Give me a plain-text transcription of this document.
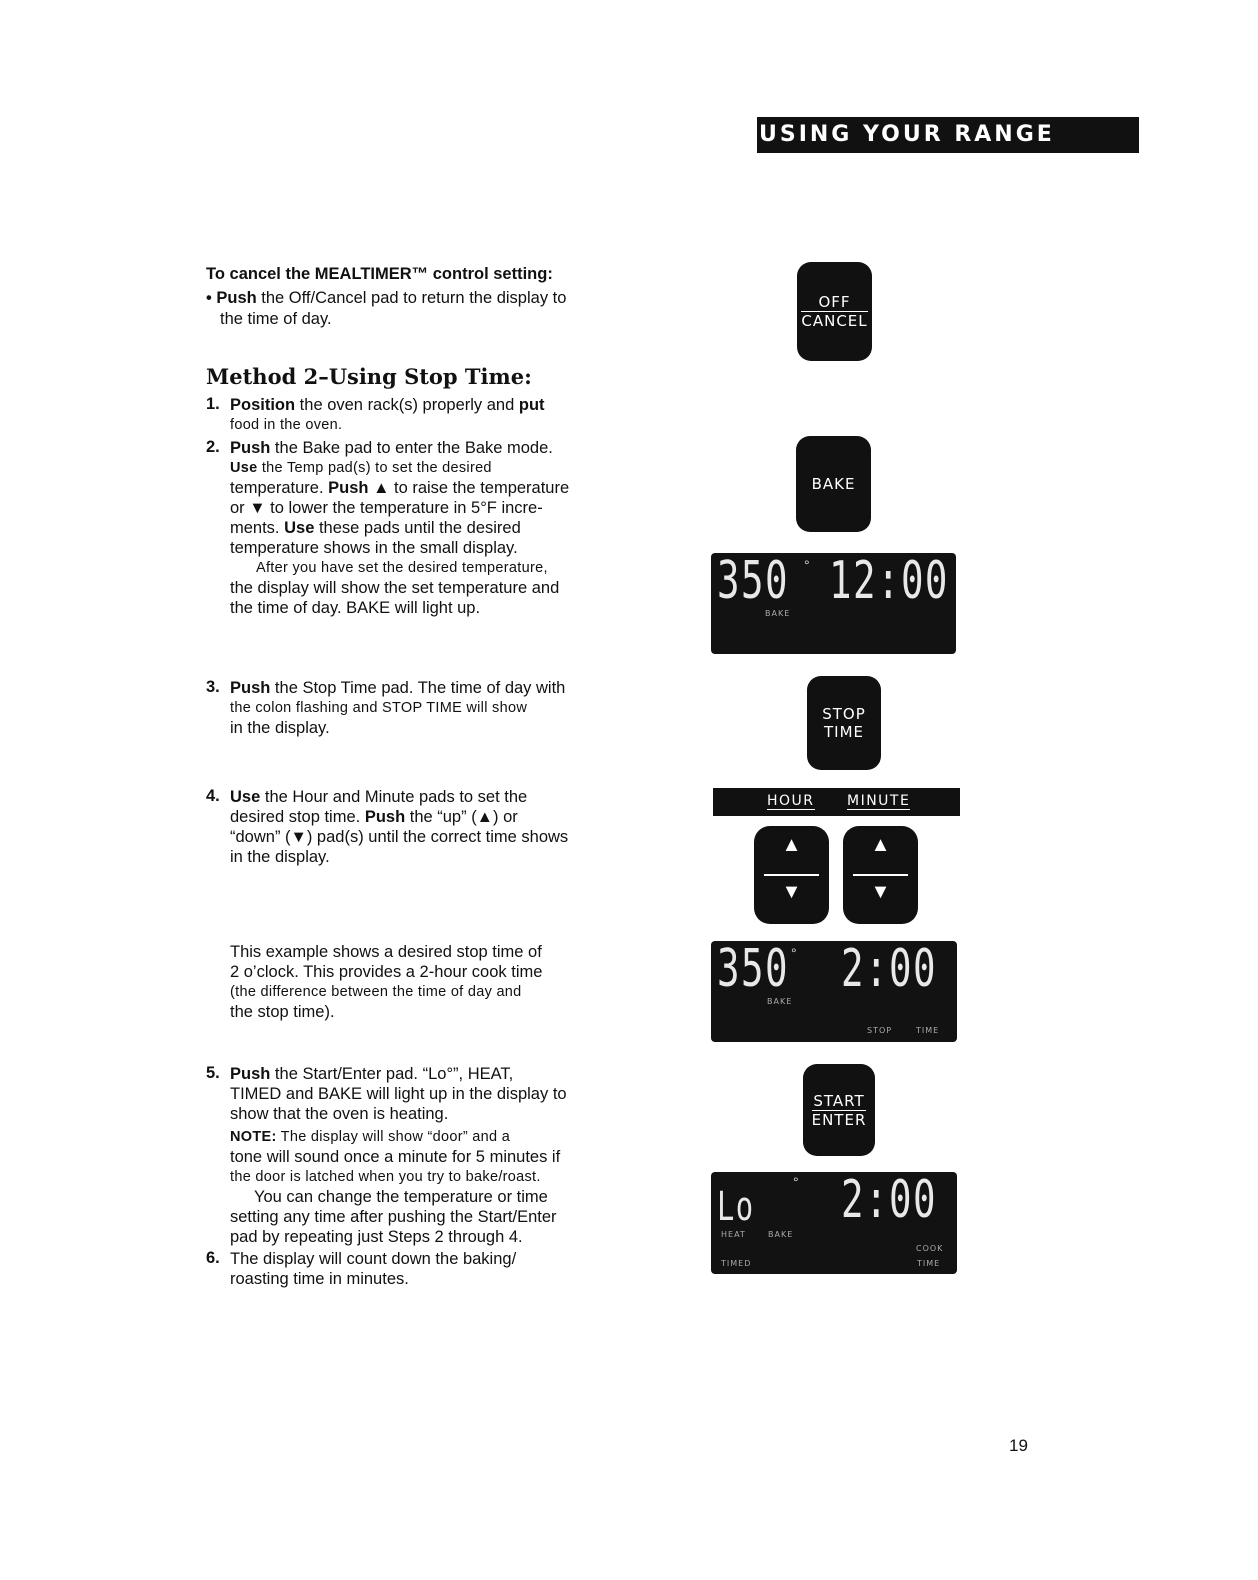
USING YOUR RANGE
To cancel the MEALTIMER™ control setting:
• Push the Off/Cancel pad to return the display to
the time of day.
Method 2–Using Stop Time:
1. Position the oven rack(s) properly and put
food in the oven.
2. Push the Bake pad to enter the Bake mode.
Use the Temp pad(s) to set the desired
temperature. Push ▲ to raise the temperature
or ▼ to lower the temperature in 5°F incre-
ments. Use these pads until the desired
temperature shows in the small display.
After you have set the desired temperature,
the display will show the set temperature and
the time of day. BAKE will light up.
3. Push the Stop Time pad. The time of day with
the colon flashing and STOP TIME will show
in the display.
4. Use the Hour and Minute pads to set the
desired stop time. Push the “up” (▲) or
“down” (▼) pad(s) until the correct time shows
in the display.
This example shows a desired stop time of
2 o’clock. This provides a 2-hour cook time
(the difference between the time of day and
the stop time).
5. Push the Start/Enter pad. “Lo°”, HEAT,
TIMED and BAKE will light up in the display to
show that the oven is heating.
NOTE: The display will show “door” and a
tone will sound once a minute for 5 minutes if
the door is latched when you try to bake/roast.
You can change the temperature or time
setting any time after pushing the Start/Enter
pad by repeating just Steps 2 through 4.
6. The display will count down the baking/
roasting time in minutes.
OFF
CANCEL
BAKE
350 ° 12:00
BAKE
STOP
TIME
HOUR MINUTE
▲
▼
▲
▼
350 ° 2:00
BAKE
STOP	TIME
START
ENTER
Lo
° 2:00
HEAT	BAKE
TIMED
COOK
TIME
19
